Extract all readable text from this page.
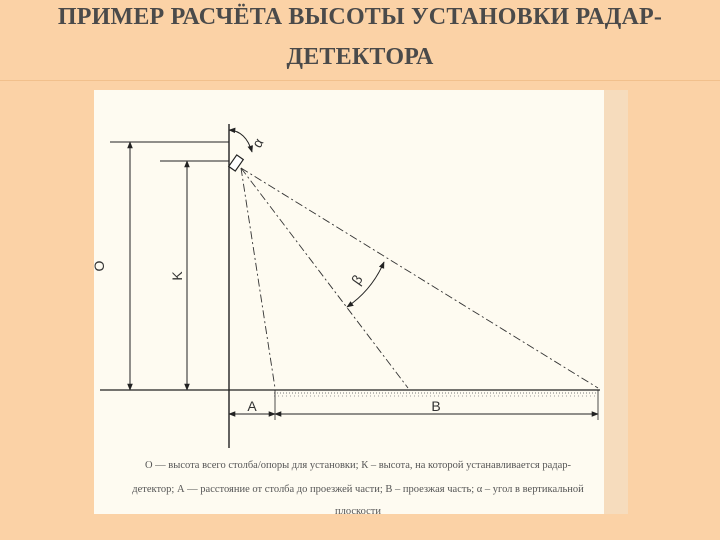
ПРИМЕР РАСЧЁТА ВЫСОТЫ УСТАНОВКИ РАДАР-
ДЕТЕКТОРА
O
K
α
β
A	B
О — высота всего столба/опоры для установки; К – высота, на которой устанавливается радар-
детектор; А — расстояние от столба до проезжей части; В – проезжая часть; α – угол в вертикальной
плоскости
